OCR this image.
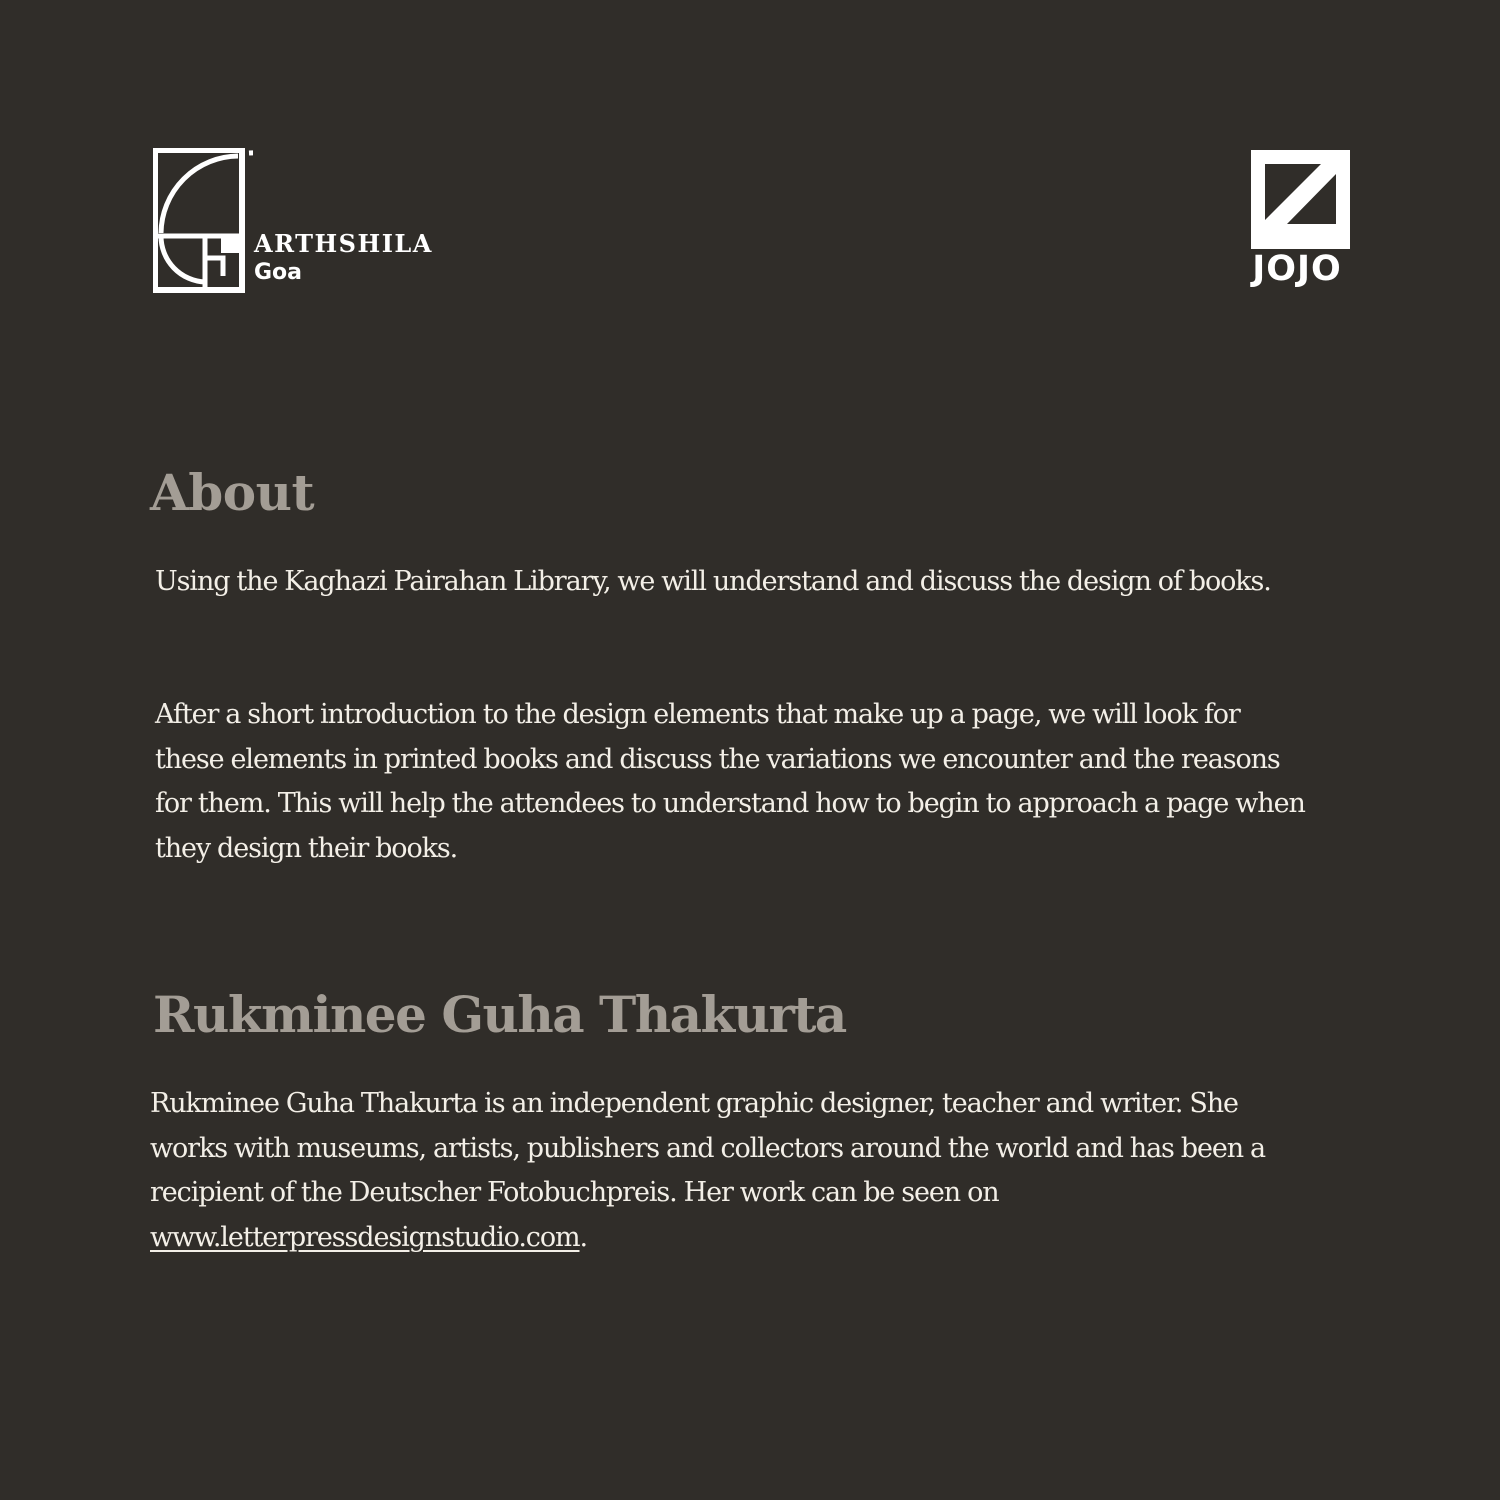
ARTHSHILA
Goa	JOJO
About

Using the Kaghazi Pairahan Library, we will understand and discuss the design of books.

After a short introduction to the design elements that make up a page, we will look for these elements in printed books and discuss the variations we encounter and the reasons for them. This will help the attendees to understand how to begin to approach a page when they design their books.

Rukminee Guha Thakurta

Rukminee Guha Thakurta is an independent graphic designer, teacher and writer. She works with museums, artists, publishers and collectors around the world and has been a recipient of the Deutscher Fotobuchpreis. Her work can be seen on www.letterpressdesignstudio.com.
